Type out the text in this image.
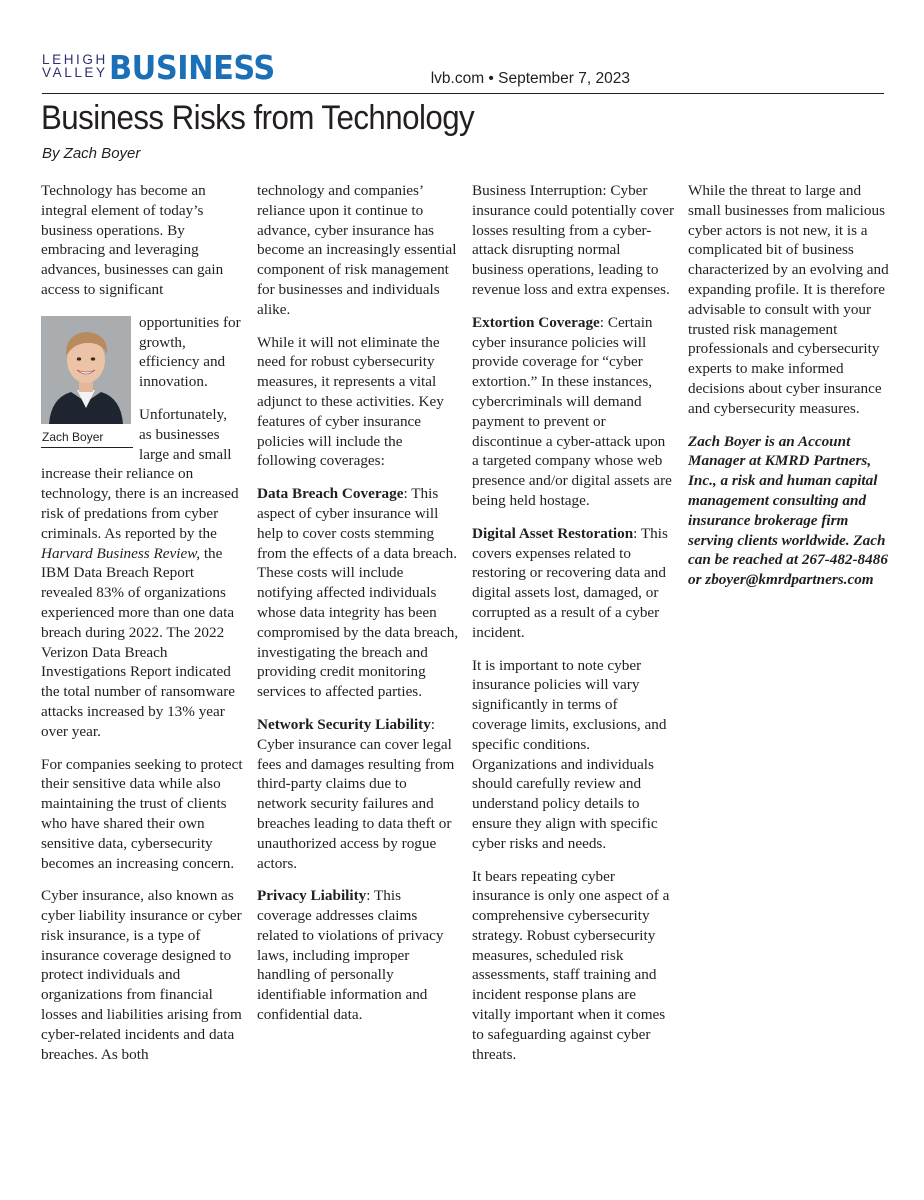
LEHIGH
VALLEY BUSINESS	lvb.com • September 7, 2023
Business Risks from Technology
By Zach Boyer

Technology has become an integral element of today’s business operations. By embracing and leveraging advances, businesses can gain access to significant

Zach Boyer

opportunities for growth, efficiency and innovation.

Unfortunately, as businesses large and small increase their reliance on technology, there is an increased risk of predations from cyber criminals. As reported by the Harvard Business Review, the IBM Data Breach Report revealed 83% of organizations experienced more than one data breach during 2022. The 2022 Verizon Data Breach Investigations Report indicated the total number of ransomware attacks increased by 13% year over year.

For companies seeking to protect their sensitive data while also maintaining the trust of clients who have shared their own sensitive data, cybersecurity becomes an increasing concern.

Cyber insurance, also known as cyber liability insurance or cyber risk insurance, is a type of insurance coverage designed to protect individuals and organizations from financial losses and liabilities arising from cyber-related incidents and data breaches. As both

technology and companies’ reliance upon it continue to advance, cyber insurance has become an increasingly essential component of risk management for businesses and individuals alike.

While it will not eliminate the need for robust cybersecurity measures, it represents a vital adjunct to these activities. Key features of cyber insurance policies will include the following coverages:

Data Breach Coverage: This aspect of cyber insurance will help to cover costs stemming from the effects of a data breach. These costs will include notifying affected individuals whose data integrity has been compromised by the data breach, investigating the breach and providing credit monitoring services to affected parties.

Network Security Liability: Cyber insurance can cover legal fees and damages resulting from third-party claims due to network security failures and breaches leading to data theft or unauthorized access by rogue actors.

Privacy Liability: This coverage addresses claims related to violations of privacy laws, including improper handling of personally identifiable information and confidential data.

Business Interruption: Cyber insurance could potentially cover losses resulting from a cyber-attack disrupting normal business operations, leading to revenue loss and extra expenses.

Extortion Coverage: Certain cyber insurance policies will provide coverage for “cyber extortion.” In these instances, cybercriminals will demand payment to prevent or discontinue a cyber-attack upon a targeted company whose web presence and/or digital assets are being held hostage.

Digital Asset Restoration: This covers expenses related to restoring or recovering data and digital assets lost, damaged, or corrupted as a result of a cyber incident.

It is important to note cyber insurance policies will vary significantly in terms of coverage limits, exclusions, and specific conditions. Organizations and individuals should carefully review and understand policy details to ensure they align with specific cyber risks and needs.

It bears repeating cyber insurance is only one aspect of a comprehensive cybersecurity strategy. Robust cybersecurity measures, scheduled risk assessments, staff training and incident response plans are vitally important when it comes to safeguarding against cyber threats.

While the threat to large and small businesses from malicious cyber actors is not new, it is a complicated bit of business characterized by an evolving and expanding profile. It is therefore advisable to consult with your trusted risk management professionals and cybersecurity experts to make informed decisions about cyber insurance and cybersecurity measures.

Zach Boyer is an Account Manager at KMRD Partners, Inc., a risk and human capital management consulting and insurance brokerage firm serving clients worldwide. Zach can be reached at 267-482-8486 or zboyer@kmrdpartners.com
